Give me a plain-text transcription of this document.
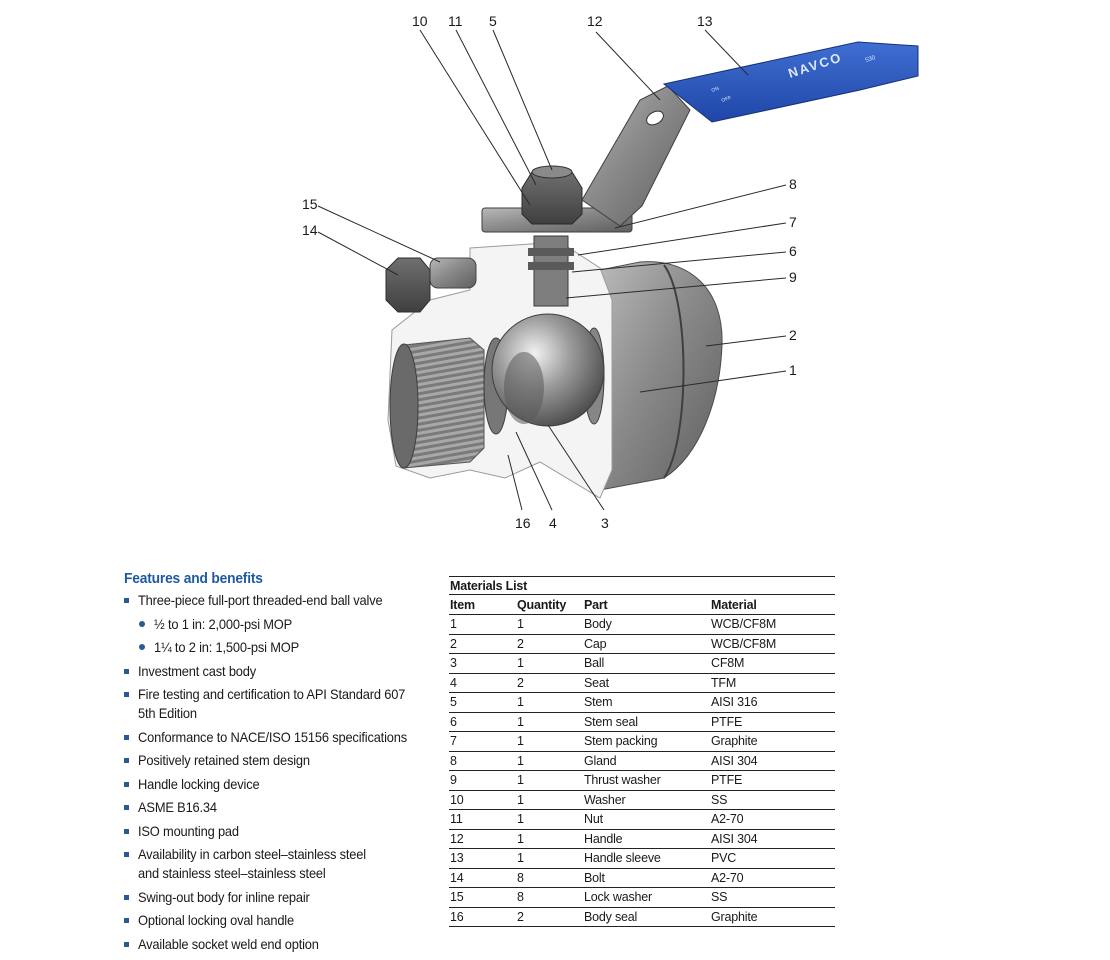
NAVCO
ON
OFF
530
10 11 5	12	13
8
7
6
9
2
1
15
14
16 4	3
Features and benefits
Three-piece full-port threaded-end ball valve
½ to 1 in: 2,000-psi MOP
1¼ to 2 in: 1,500-psi MOP
Investment cast body
Fire testing and certification to API Standard 607
5th Edition
Conformance to NACE/ISO 15156 specifications
Positively retained stem design
Handle locking device
ASME B16.34
ISO mounting pad
Availability in carbon steel–stainless steel
and stainless steel–stainless steel
Swing-out body for inline repair
Optional locking oval handle
Available socket weld end option
Materials List
Item	Quantity	Part	Material
1	1	Body	WCB/CF8M
2	2	Cap	WCB/CF8M
3	1	Ball	CF8M
4	2	Seat	TFM
5	1	Stem	AISI 316
6	1	Stem seal	PTFE
7	1	Stem packing	Graphite
8	1	Gland	AISI 304
9	1	Thrust washer	PTFE
10	1	Washer	SS
11	1	Nut	A2-70
12	1	Handle	AISI 304
13	1	Handle sleeve	PVC
14	8	Bolt	A2-70
15	8	Lock washer	SS
16	2	Body seal	Graphite
